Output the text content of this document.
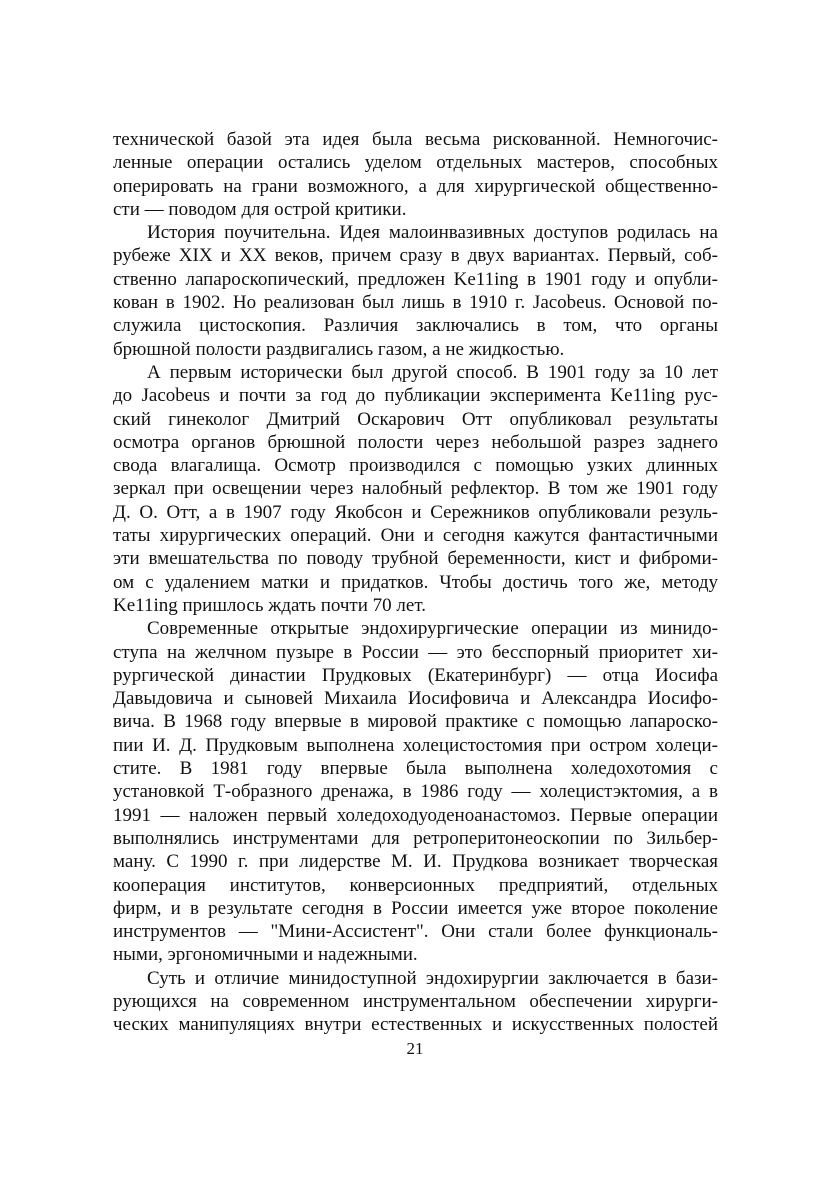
технической базой эта идея была весьма рискованной. Немногочис-
ленные операции остались уделом отдельных мастеров, способных
оперировать на грани возможного, а для хирургической общественно-
сти — поводом для острой критики.
История поучительна. Идея малоинвазивных доступов родилась на
рубеже XIX и XX веков, причем сразу в двух вариантах. Первый, соб-
ственно лапароскопический, предложен Ke11ing в 1901 году и опубли-
кован в 1902. Но реализован был лишь в 1910 г. Jacobeus. Основой по-
служила цистоскопия. Различия заключались в том, что органы
брюшной полости раздвигались газом, а не жидкостью.
А первым исторически был другой способ. В 1901 году за 10 лет
до Jacobeus и почти за год до публикации эксперимента Ke11ing рус-
ский гинеколог Дмитрий Оскарович Отт опубликовал результаты
осмотра органов брюшной полости через небольшой разрез заднего
свода влагалища. Осмотр производился с помощью узких длинных
зеркал при освещении через налобный рефлектор. В том же 1901 году
Д. О. Отт, а в 1907 году Якобсон и Сережников опубликовали резуль-
таты хирургических операций. Они и сегодня кажутся фантастичными
эти вмешательства по поводу трубной беременности, кист и фиброми-
ом с удалением матки и придатков. Чтобы достичь того же, методу
Ke11ing пришлось ждать почти 70 лет.
Современные открытые эндохирургические операции из минидо-
ступа на желчном пузыре в России — это бесспорный приоритет хи-
рургической династии Прудковых (Екатеринбург) — отца Иосифа
Давыдовича и сыновей Михаила Иосифовича и Александра Иосифо-
вича. В 1968 году впервые в мировой практике с помощью лапароско-
пии И. Д. Прудковым выполнена холецистостомия при остром холеци-
стите. В 1981 году впервые была выполнена холедохотомия с
установкой Т-образного дренажа, в 1986 году — холецистэктомия, а в
1991 — наложен первый холедоходуоденоанастомоз. Первые операции
выполнялись инструментами для ретроперитонеоскопии по Зильбер-
ману. С 1990 г. при лидерстве М. И. Прудкова возникает творческая
кооперация институтов, конверсионных предприятий, отдельных
фирм, и в результате сегодня в России имеется уже второе поколение
инструментов — "Мини-Ассистент". Они стали более функциональ-
ными, эргономичными и надежными.
Суть и отличие минидоступной эндохирургии заключается в бази-
рующихся на современном инструментальном обеспечении хирурги-
ческих манипуляциях внутри естественных и искусственных полостей
21
